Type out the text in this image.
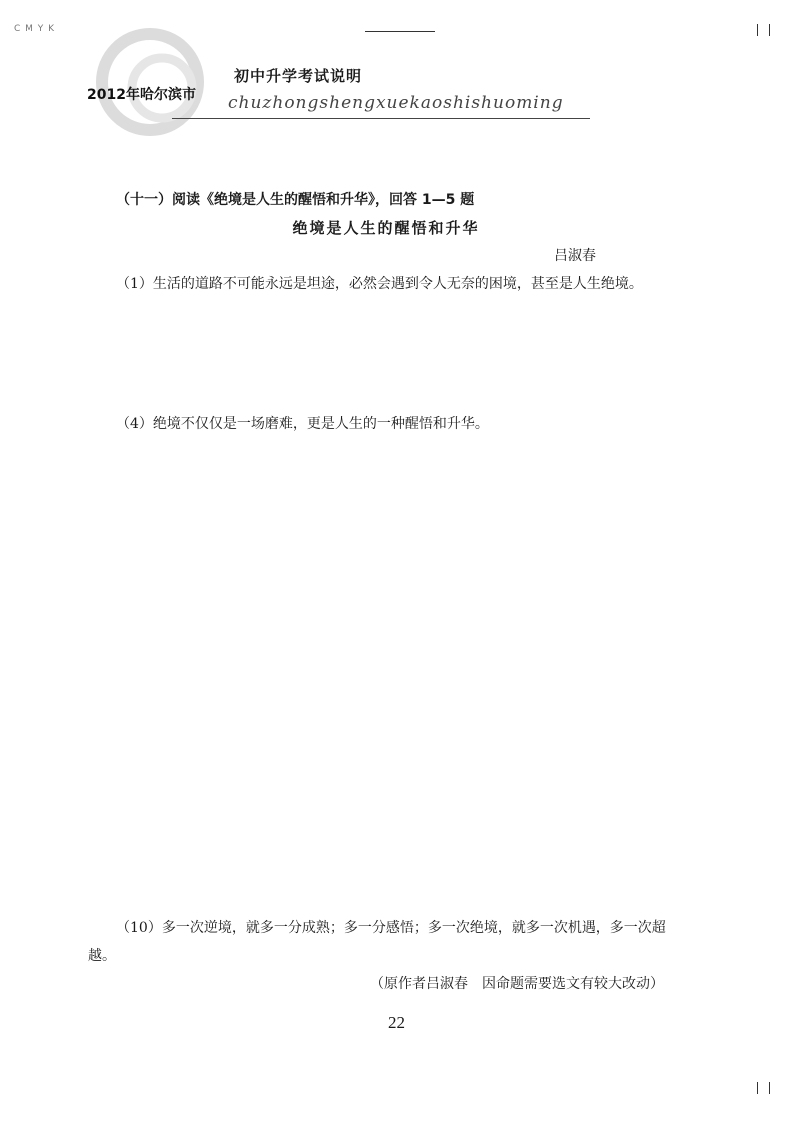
C M Y K
2012年哈尔滨市
初中升学考试说明
chuzhongshengxuekaoshishuoming

（十一）阅读《绝境是人生的醒悟和升华》，回答 1—5 题

绝境是人生的醒悟和升华

吕淑春

（1）生活的道路不可能永远是坦途，必然会遇到令人无奈的困境，甚至是人生绝境。

（4）绝境不仅仅是一场磨难，更是人生的一种醒悟和升华。

（10）多一次逆境，就多一分成熟；多一分感悟；多一次绝境，就多一次机遇，多一次超越。

（原作者吕淑春　因命题需要选文有较大改动）

22
